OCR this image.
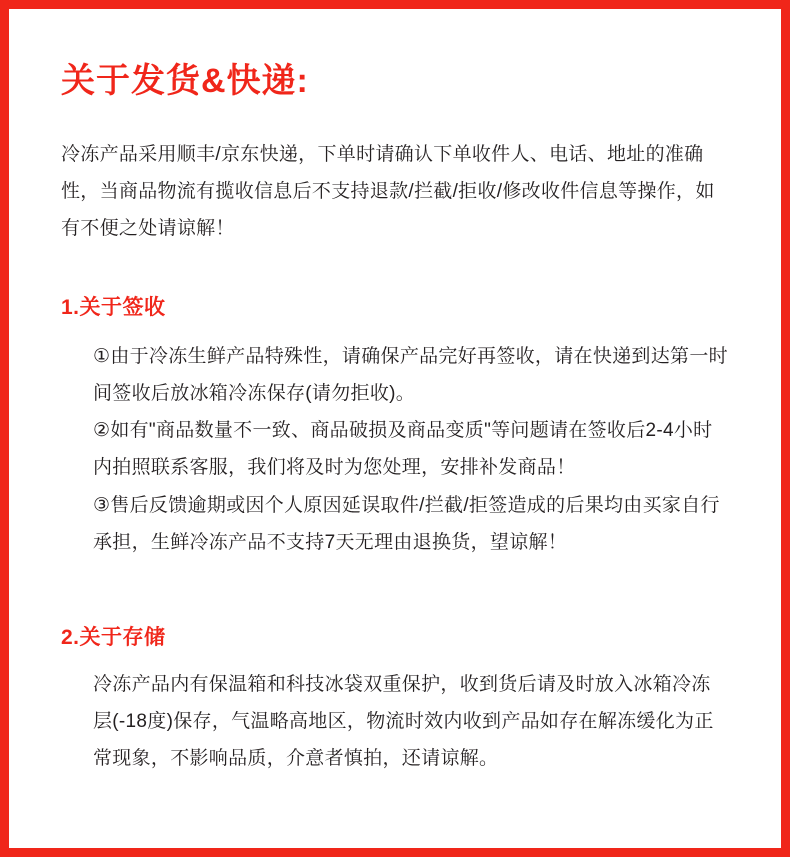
关于发货&快递:

冷冻产品采用顺丰/京东快递，下单时请确认下单收件人、电话、地址的准确性，当商品物流有揽收信息后不支持退款/拦截/拒收/修改收件信息等操作，如有不便之处请谅解！

1.关于签收

①由于冷冻生鲜产品特殊性，请确保产品完好再签收，请在快递到达第一时间签收后放冰箱冷冻保存(请勿拒收)。

②如有"商品数量不一致、商品破损及商品变质"等问题请在签收后2-4小时内拍照联系客服，我们将及时为您处理，安排补发商品！

③售后反馈逾期或因个人原因延误取件/拦截/拒签造成的后果均由买家自行承担，生鲜冷冻产品不支持7天无理由退换货，望谅解！

2.关于存储

冷冻产品内有保温箱和科技冰袋双重保护，收到货后请及时放入冰箱冷冻层(-18度)保存，气温略高地区，物流时效内收到产品如存在解冻缓化为正常现象，不影响品质，介意者慎拍，还请谅解。
